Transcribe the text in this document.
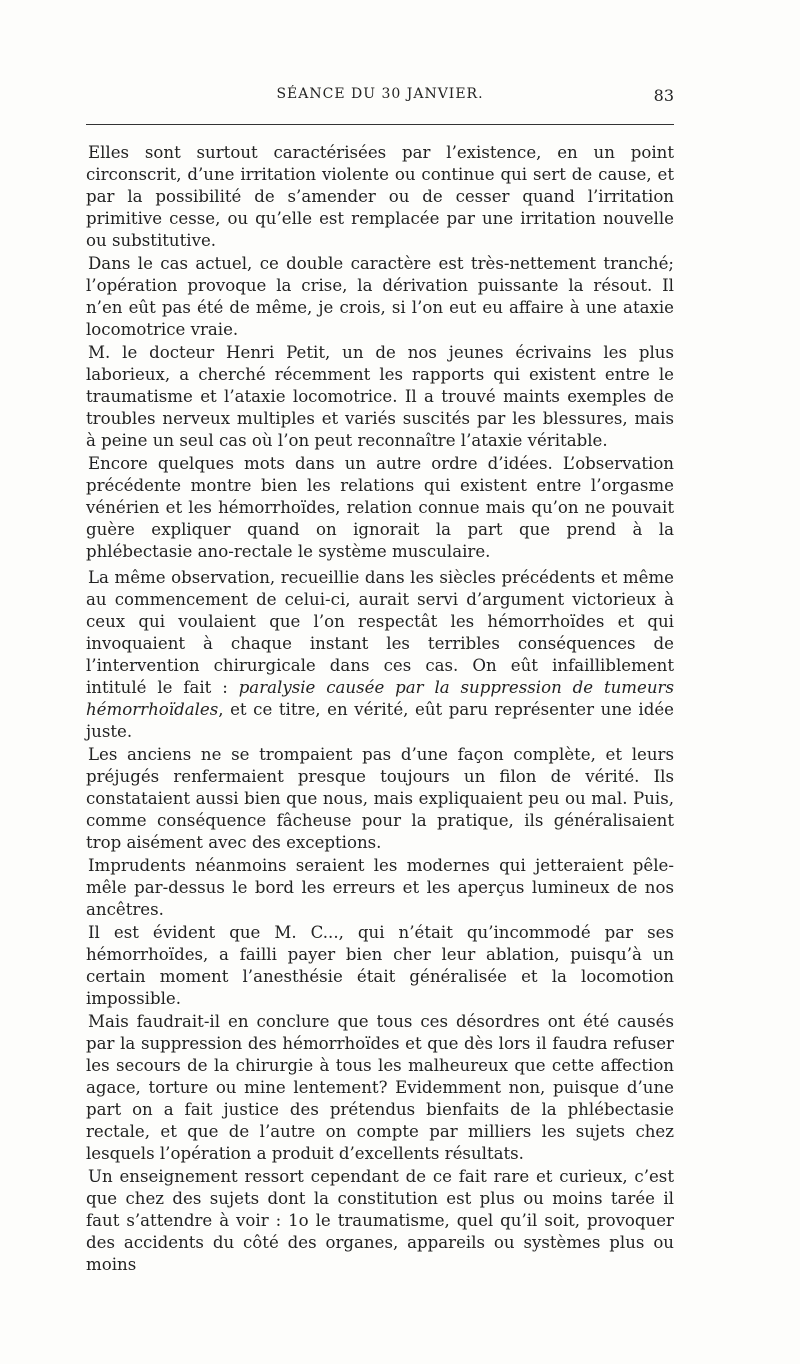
SÉANCE DU 30 JANVIER.	83

Elles sont surtout caractérisées par l’existence, en un point circonscrit, d’une irritation violente ou continue qui sert de cause, et par la possibilité de s’amender ou de cesser quand l’irritation primitive cesse, ou qu’elle est remplacée par une irritation nouvelle ou substitutive.

Dans le cas actuel, ce double caractère est très-nettement tranché; l’opération provoque la crise, la dérivation puissante la résout. Il n’en eût pas été de même, je crois, si l’on eut eu affaire à une ataxie locomotrice vraie.

M. le docteur Henri Petit, un de nos jeunes écrivains les plus laborieux, a cherché récemment les rapports qui existent entre le traumatisme et l’ataxie locomotrice. Il a trouvé maints exemples de troubles nerveux multiples et variés suscités par les blessures, mais à peine un seul cas où l’on peut reconnaître l’ataxie véritable.

Encore quelques mots dans un autre ordre d’idées. L’observation précédente montre bien les relations qui existent entre l’orgasme vénérien et les hémorrhoïdes, relation connue mais qu’on ne pouvait guère expliquer quand on ignorait la part que prend à la phlébectasie ano-rectale le système musculaire.

La même observation, recueillie dans les siècles précédents et même au commencement de celui-ci, aurait servi d’argument victorieux à ceux qui voulaient que l’on respectât les hémorrhoïdes et qui invoquaient à chaque instant les terribles conséquences de l’intervention chirurgicale dans ces cas. On eût infailliblement intitulé le fait : paralysie causée par la suppression de tumeurs hémorrhoïdales, et ce titre, en vérité, eût paru représenter une idée juste.

Les anciens ne se trompaient pas d’une façon complète, et leurs préjugés renfermaient presque toujours un filon de vérité. Ils constataient aussi bien que nous, mais expliquaient peu ou mal. Puis, comme conséquence fâcheuse pour la pratique, ils généralisaient trop aisément avec des exceptions.

Imprudents néanmoins seraient les modernes qui jetteraient pêle-mêle par-dessus le bord les erreurs et les aperçus lumineux de nos ancêtres.

Il est évident que M. C..., qui n’était qu’incommodé par ses hémorrhoïdes, a failli payer bien cher leur ablation, puisqu’à un certain moment l’anesthésie était généralisée et la locomotion impossible.

Mais faudrait-il en conclure que tous ces désordres ont été causés par la suppression des hémorrhoïdes et que dès lors il faudra refuser les secours de la chirurgie à tous les malheureux que cette affection agace, torture ou mine lentement? Evidemment non, puisque d’une part on a fait justice des prétendus bienfaits de la phlébectasie rectale, et que de l’autre on compte par milliers les sujets chez lesquels l’opération a produit d’excellents résultats.

Un enseignement ressort cependant de ce fait rare et curieux, c’est que chez des sujets dont la constitution est plus ou moins tarée il faut s’attendre à voir : 1o le traumatisme, quel qu’il soit, provoquer des accidents du côté des organes, appareils ou systèmes plus ou moins
